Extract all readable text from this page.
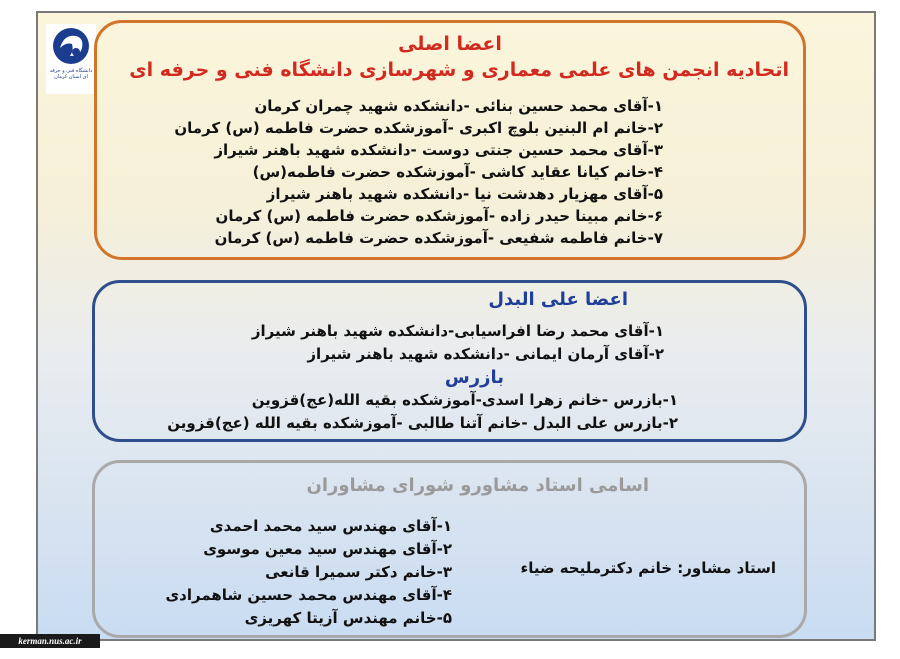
دانشگاه فنی و حرفه ای استان کرمان
اعضا اصلی
اتحادیه انجمن های علمی معماری و شهرسازی دانشگاه فنی و حرفه ای
۱-آقای محمد حسین بنائی -دانشکده شهید چمران کرمان
۲-خانم ام البنین بلوچ اکبری -آموزشکده حضرت فاطمه (س) کرمان
۳-آقای محمد حسین جنتی دوست -دانشکده شهید باهنر شیراز
۴-خانم کیانا عقاید کاشی -آموزشکده حضرت فاطمه(س)
۵-آقای مهزیار دهدشت نیا -دانشکده شهید باهنر شیراز
۶-خانم مبینا حیدر زاده -آموزشکده حضرت فاطمه (س) کرمان
۷-خانم فاطمه شفیعی -آموزشکده حضرت فاطمه (س) کرمان
اعضا علی البدل
۱-آقای محمد رضا افراسیابی-دانشکده شهید باهنر شیراز
۲-آقای آرمان ایمانی -دانشکده شهید باهنر شیراز
بازرس
۱-بازرس -خانم زهرا اسدی-آموزشکده بقیه الله(عج)قزوین
۲-بازرس علی البدل -خانم آتنا طالبی -آموزشکده بقیه الله (عج)قزوین
اسامی استاد مشاورو شورای مشاوران
۱-آقای مهندس سید محمد احمدی
۲-آقای مهندس سید معین موسوی
۳-خانم دکتر سمیرا قانعی
۴-آقای مهندس محمد حسین شاهمرادی
۵-خانم مهندس آزیتا کهریزی
استاد مشاور: خانم دکترملیحه ضیاء
kerman.nus.ac.ir
